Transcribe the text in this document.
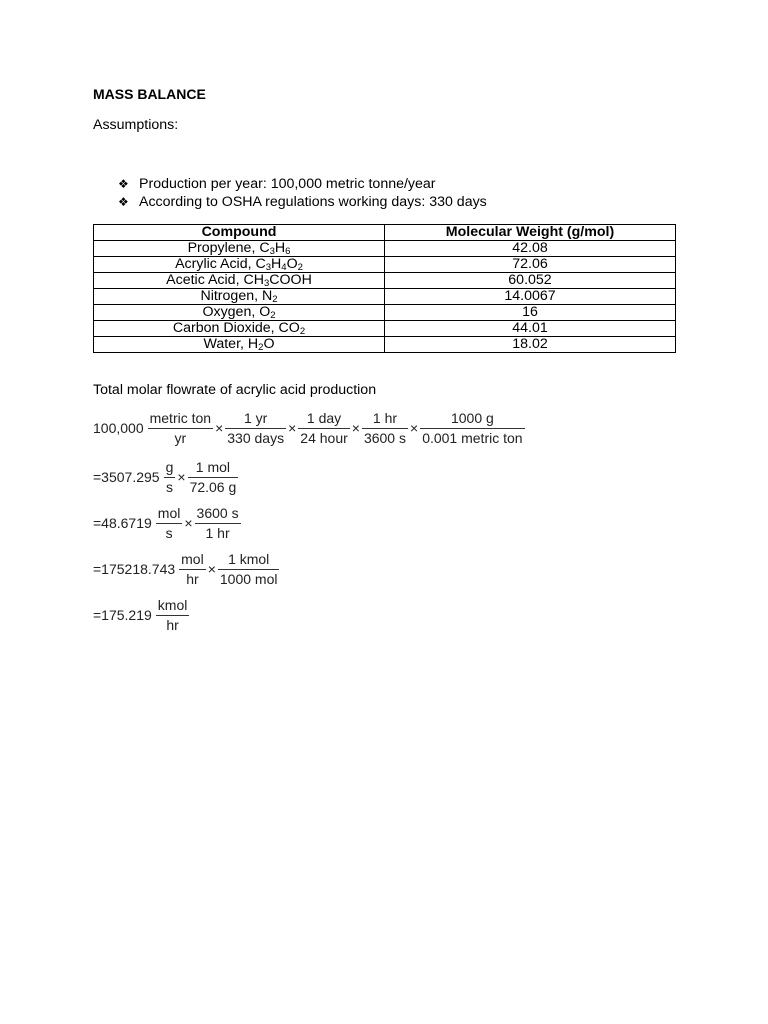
MASS BALANCE
Assumptions:
❖ Production per year: 100,000 metric tonne/year
❖ According to OSHA regulations working days: 330 days
Compound	Molecular Weight (g/mol)
Propylene, $C_3H_6$	42.08
Acrylic Acid, $C_3H_4O_2$	72.06
Acetic Acid, $CH_3COOH$	60.052
Nitrogen, $N_2$	14.0067
Oxygen, $O_2$	16
Carbon Dioxide, $CO_2$	44.01
Water, $H_2O$	18.02
Total molar flowrate of acrylic acid production
$100,000 \frac{\text{metric ton}}{yr} \times \frac{1 yr}{\text{330 days}} \times \frac{\text{1 day}}{\text{24 hour}} \times \frac{1 hr}{3600 s} \times \frac{1000 g}{\text{0.001 metric ton}}$
$=3507.295 \frac{g}{s} \times \frac{\text{1 mol}}{72.06 g}$
$=48.6719 \frac{\text{mol}}{s} \times \frac{3600 s}{1 hr}$
$=175218.743 \frac{\text{mol}}{hr} \times \frac{\text{1 kmol}}{\text{1000 mol}}$
$=175.219 \frac{\text{kmol}}{hr}$
